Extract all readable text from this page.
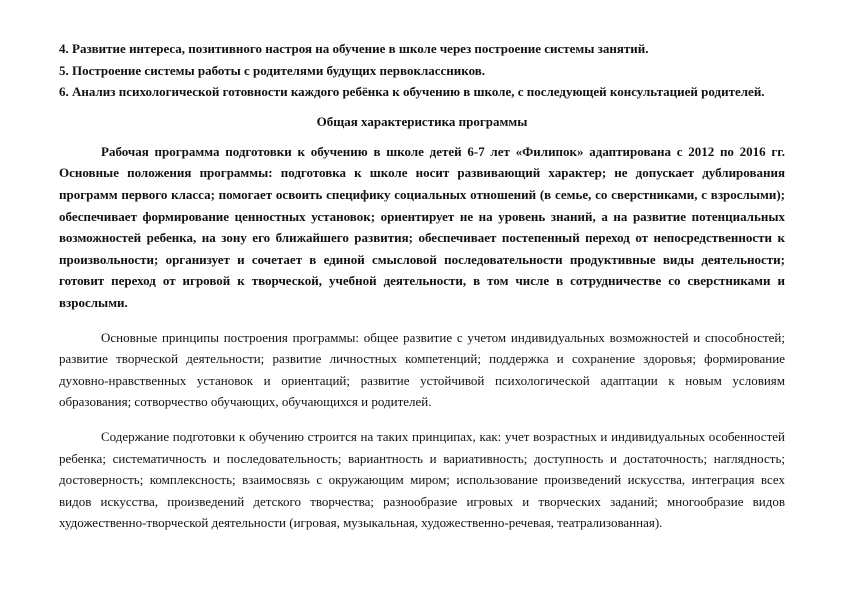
4. Развитие интереса, позитивного настроя на обучение в школе через построение системы занятий.

5. Построение системы работы с родителями будущих первоклассников.

6. Анализ психологической готовности каждого ребёнка к обучению в школе, с последующей консультацией родителей.

Общая характеристика программы

Рабочая программа подготовки к обучению в школе детей 6-7 лет «Филипок» адаптирована с 2012 по 2016 гг. Основные положения программы: подготовка к школе носит развивающий характер; не допускает дублирования программ первого класса; помогает освоить специфику социальных отношений (в семье, со сверстниками, с взрослыми); обеспечивает формирование ценностных установок; ориентирует не на уровень знаний, а на развитие потенциальных возможностей ребенка, на зону его ближайшего развития; обеспечивает постепенный переход от непосредственности к произвольности; организует и сочетает в единой смысловой последовательности продуктивные виды деятельности; готовит переход от игровой к творческой, учебной деятельности, в том числе в сотрудничестве со сверстниками и взрослыми.

Основные принципы построения программы: общее развитие с учетом индивидуальных возможностей и способностей; развитие творческой деятельности; развитие личностных компетенций; поддержка и сохранение здоровья; формирование духовно-нравственных установок и ориентаций; развитие устойчивой психологической адаптации к новым условиям образования; сотворчество обучающих, обучающихся и родителей.

Содержание подготовки к обучению строится на таких принципах, как: учет возрастных и индивидуальных особенностей ребенка; систематичность и последовательность; вариантность и вариативность; доступность и достаточность; наглядность; достоверность; комплексность; взаимосвязь с окружающим миром; использование произведений искусства, интеграция всех видов искусства, произведений детского творчества; разнообразие игровых и творческих заданий; многообразие видов художественно-творческой деятельности (игровая, музыкальная, художественно-речевая, театрализованная).
